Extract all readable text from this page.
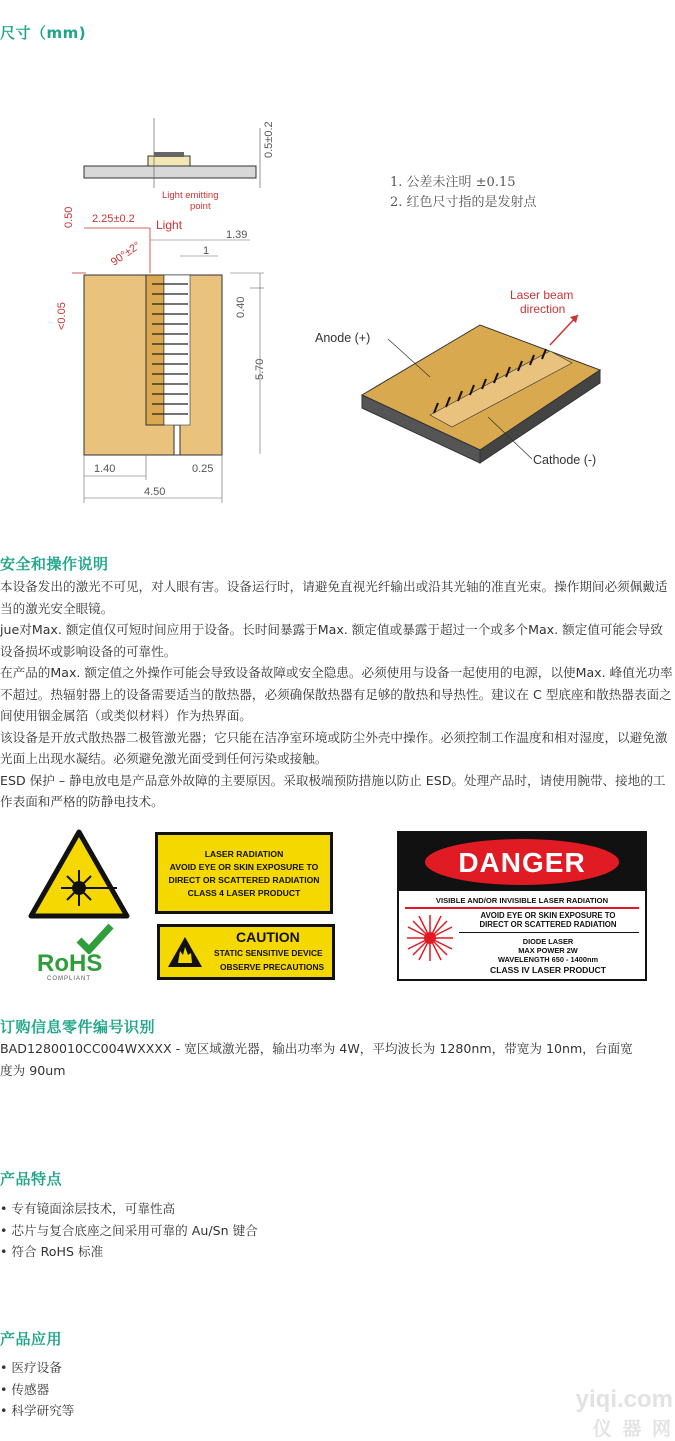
尺寸（mm)
0.5±0.2
0.50
Light emitting
point
2.25±0.2 Light
90°±2°
1.39
1
<0.05	0.40
5.70
1.40	0.25
4.50
1. 公差未注明 ±0.15
2. 红色尺寸指的是发射点
Laser beam
direction
Anode (+)
Cathode (-)
安全和操作说明
本设备发出的激光不可见，对人眼有害。设备运行时，请避免直视光纤输出或沿其光轴的准直光束。操作期间必须佩戴适当的激光安全眼镜。
jue对Max. 额定值仅可短时间应用于设备。长时间暴露于Max. 额定值或暴露于超过一个或多个Max. 额定值可能会导致设备损坏或影响设备的可靠性。
在产品的Max. 额定值之外操作可能会导致设备故障或安全隐患。必须使用与设备一起使用的电源，以使Max. 峰值光功率不超过。热辐射器上的设备需要适当的散热器，必须确保散热器有足够的散热和导热性。建议在 C 型底座和散热器表面之间使用铟金属箔（或类似材料）作为热界面。
该设备是开放式散热器二极管激光器；它只能在洁净室环境或防尘外壳中操作。必须控制工作温度和相对湿度，以避免激光面上出现水凝结。必须避免激光面受到任何污染或接触。
ESD 保护 – 静电放电是产品意外故障的主要原因。采取极端预防措施以防止 ESD。处理产品时，请使用腕带、接地的工作表面和严格的防静电技术。
LASER RADIATION
AVOID EYE OR SKIN EXPOSURE TO
DIRECT OR SCATTERED RADIATION
CLASS 4 LASER PRODUCT
RoHS
COMPLIANT
CAUTION
STATIC SENSITIVE DEVICE
OBSERVE PRECAUTIONS
DANGER
VISIBLE AND/OR INVISIBLE LASER RADIATION
AVOID EYE OR SKIN EXPOSURE TO
DIRECT OR SCATTERED RADIATION
DIODE LASER
MAX POWER 2W
WAVELENGTH 650 - 1400nm
CLASS IV LASER PRODUCT
订购信息零件编号识别
BAD1280010CC004WXXXX - 宽区域激光器，输出功率为 4W，平均波长为 1280nm，带宽为 10nm，台面宽
度为 90um
产品特点
• 专有镜面涂层技术，可靠性高
• 芯片与复合底座之间采用可靠的 Au/Sn 键合
• 符合 RoHS 标准
产品应用
• 医疗设备
• 传感器
• 科学研究等	yiqi.com
仪 器 网
